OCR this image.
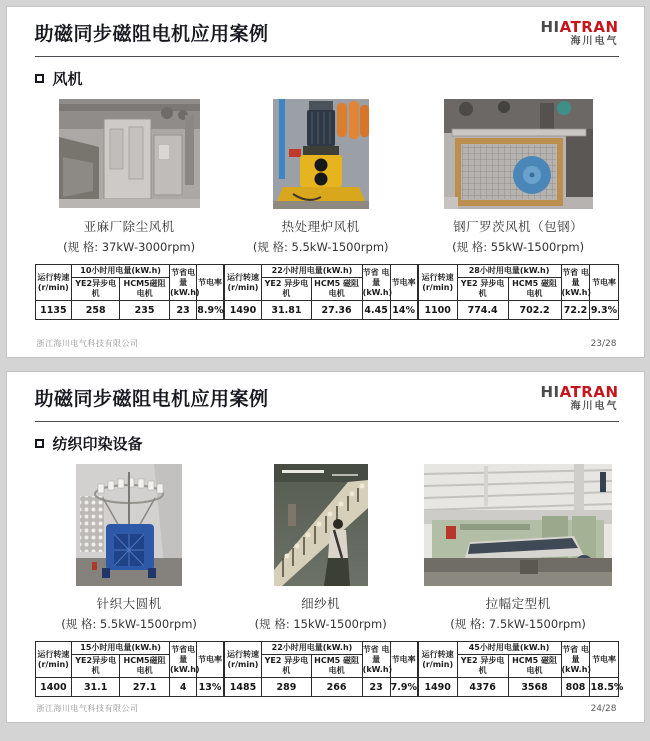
助磁同步磁阻电机应用案例	HIATRAN
海川电气
风机
亚麻厂除尘风机
(规 格: 37kW-3000rpm)
运行转速 (r/min)	10小时用电量(kW.h)		节省电量 (kW.h)	节电率
	YE2异步电机	HCM5磁阻电机		
1135	258	235	23	8.9%
热处理炉风机
(规 格: 5.5kW-1500rpm)
运行转速 (r/min)	22小时用电量(kW.h)		节省 电量 (kW.h)	节电率
	YE2 异步电机	HCM5 磁阻电机		
1490	31.81	27.36	4.45	14%
钢厂罗茨风机（包钢）
(规 格: 55kW-1500rpm)
运行转速 (r/min)	28小时用电量(kW.h)		节省 电量 (kW.h)	节电率
	YE2 异步电机	HCM5 磁阻电机		
1100	774.4	702.2	72.2	9.3%
浙江海川电气科技有限公司	23/28
助磁同步磁阻电机应用案例	HIATRAN
海川电气
纺织印染设备
针织大圆机
(规 格: 5.5kW-1500rpm)
运行转速 (r/min)	15小时用电量(kW.h)		节省电量 (kW.h)	节电率
	YE2异步电机	HCM5磁阻电机		
1400	31.1	27.1	4	13%
细纱机
(规 格: 15kW-1500rpm)
运行转速 (r/min)	22小时用电量(kW.h)		节省 电量 (kW.h)	节电率
	YE2 异步电机	HCM5 磁阻电机		
1485	289	266	23	7.9%
拉幅定型机
(规 格: 7.5kW-1500rpm)
运行转速 (r/min)	45小时用电量(kW.h)		节省 电量 (kW.h)	节电率
	YE2 异步电机	HCM5 磁阻电机		
1490	4376	3568	808	18.5%
浙江海川电气科技有限公司	24/28
